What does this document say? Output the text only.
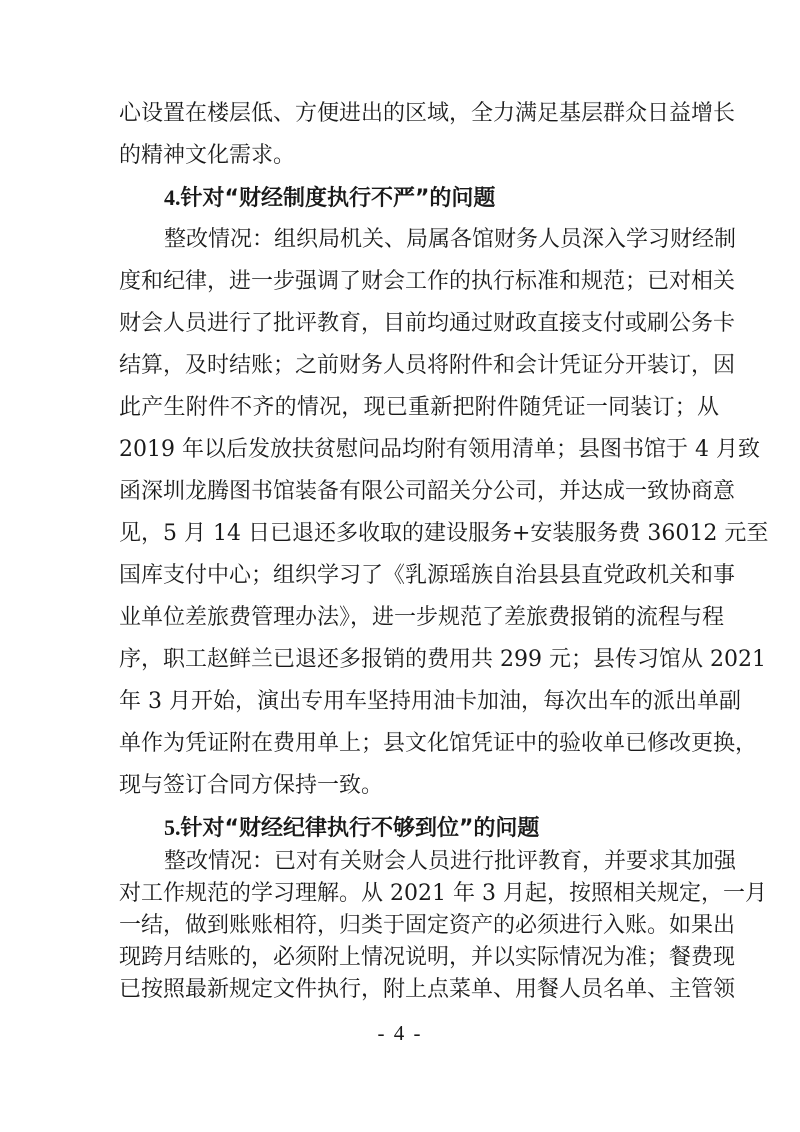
心设置在楼层低、方便进出的区域，全力满足基层群众日益增长
的精神文化需求。
4.针对“财经制度执行不严”的问题
整改情况：组织局机关、局属各馆财务人员深入学习财经制
度和纪律，进一步强调了财会工作的执行标准和规范；已对相关
财会人员进行了批评教育，目前均通过财政直接支付或刷公务卡
结算，及时结账；之前财务人员将附件和会计凭证分开装订，因
此产生附件不齐的情况，现已重新把附件随凭证一同装订；从
2019 年以后发放扶贫慰问品均附有领用清单；县图书馆于 4 月致
函深圳龙腾图书馆装备有限公司韶关分公司，并达成一致协商意
见，5 月 14 日已退还多收取的建设服务+安装服务费 36012 元至
国库支付中心；组织学习了《乳源瑶族自治县县直党政机关和事
业单位差旅费管理办法》，进一步规范了差旅费报销的流程与程
序，职工赵鲜兰已退还多报销的费用共 299 元；县传习馆从 2021
年 3 月开始，演出专用车坚持用油卡加油，每次出车的派出单副
单作为凭证附在费用单上；县文化馆凭证中的验收单已修改更换，
现与签订合同方保持一致。
5.针对“财经纪律执行不够到位”的问题
整改情况：已对有关财会人员进行批评教育，并要求其加强
对工作规范的学习理解。从 2021 年 3 月起，按照相关规定，一月
一结，做到账账相符，归类于固定资产的必须进行入账。如果出
现跨月结账的，必须附上情况说明，并以实际情况为准；餐费现
- 4 -
已按照最新规定文件执行，附上点菜单、用餐人员名单、主管领
